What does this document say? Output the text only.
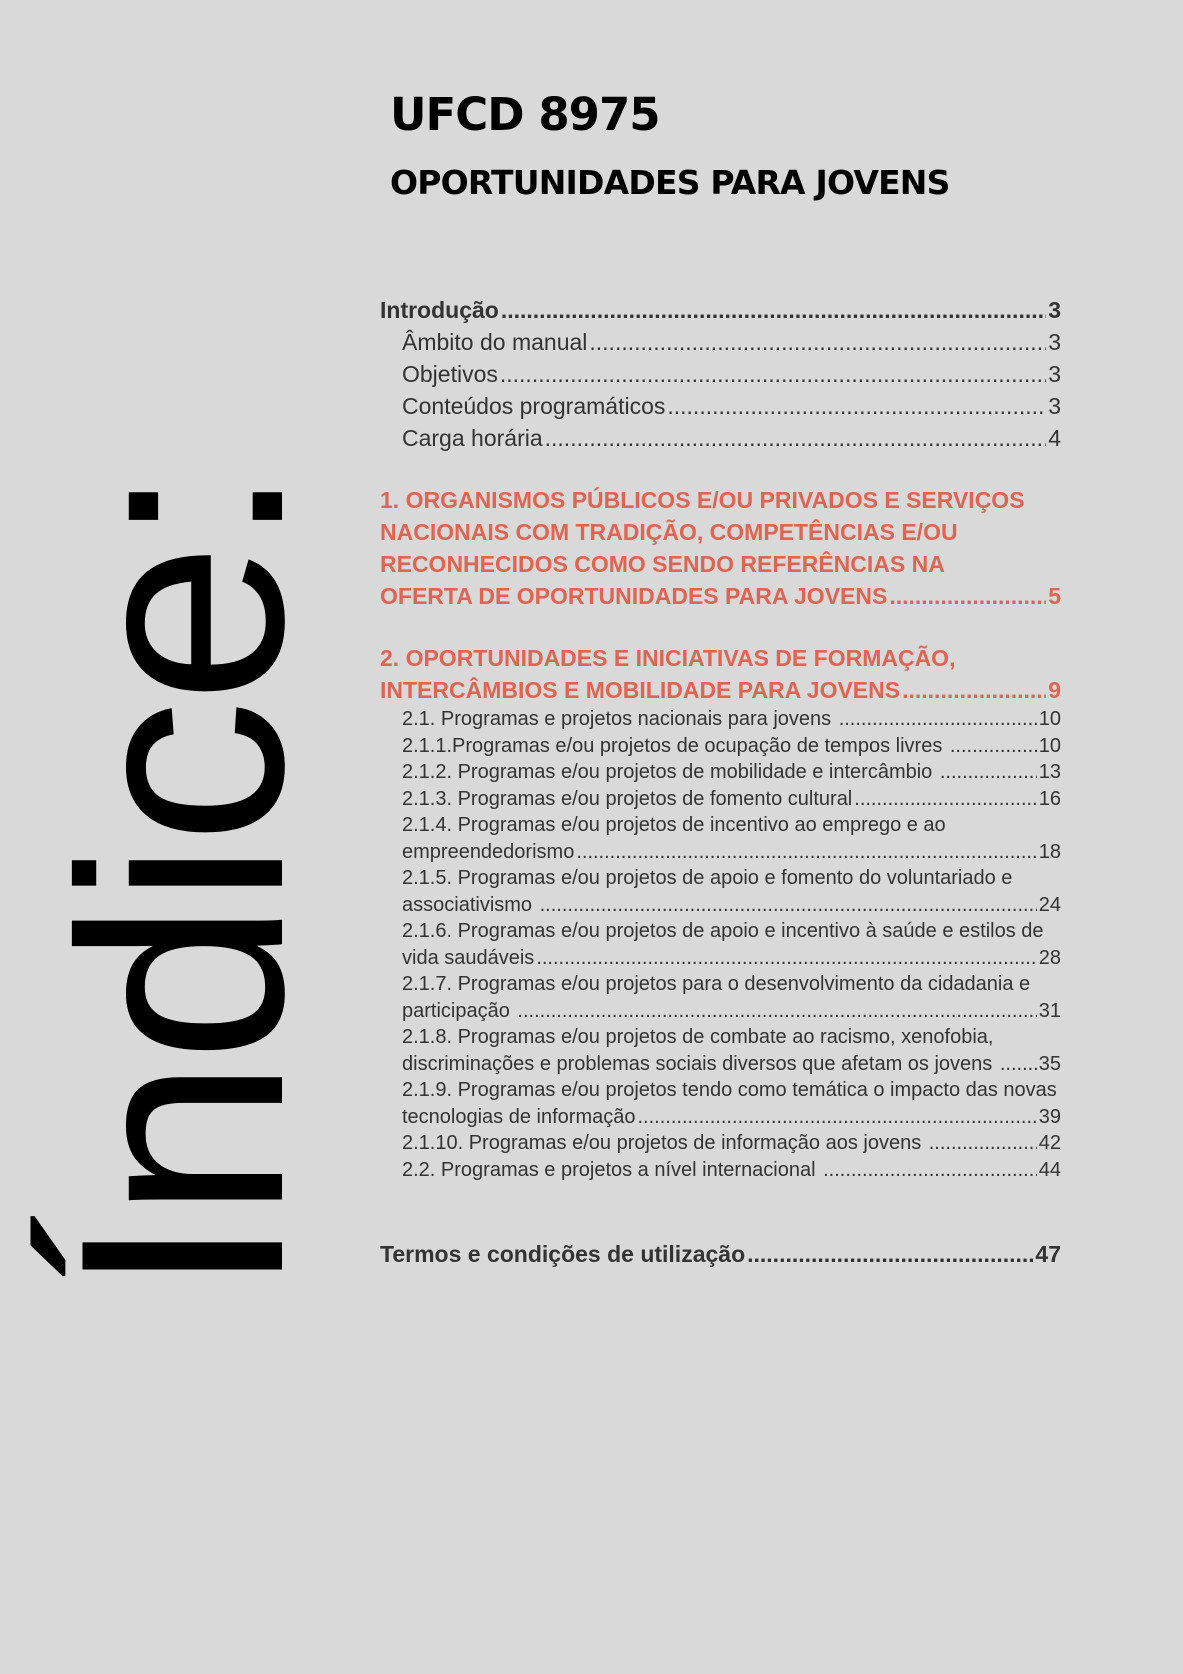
Índice:
UFCD 8975
OPORTUNIDADES PARA JOVENS
Introdução .....	3
Âmbito do manual .....	3
Objetivos .....	3
Conteúdos programáticos .....	3
Carga horária .....	4
1. ORGANISMOS PÚBLICOS E/OU PRIVADOS E SERVIÇOS
NACIONAIS COM TRADIÇÃO, COMPETÊNCIAS E/OU
RECONHECIDOS COMO SENDO REFERÊNCIAS NA
OFERTA DE OPORTUNIDADES PARA JOVENS .....	5
2. OPORTUNIDADES E INICIATIVAS DE FORMAÇÃO,
INTERCÂMBIOS E MOBILIDADE PARA JOVENS .....	9
2.1. Programas e projetos nacionais para jovens .....	10
2.1.1.Programas e/ou projetos de ocupação de tempos livres .....	10
2.1.2. Programas e/ou projetos de mobilidade e intercâmbio .....	13
2.1.3. Programas e/ou projetos de fomento cultural .....	16
2.1.4. Programas e/ou projetos de incentivo ao emprego e ao
empreendedorismo .....	18
2.1.5. Programas e/ou projetos de apoio e fomento do voluntariado e
associativismo .....	24
2.1.6. Programas e/ou projetos de apoio e incentivo à saúde e estilos de
vida saudáveis .....	28
2.1.7. Programas e/ou projetos para o desenvolvimento da cidadania e
participação .....	31
2.1.8. Programas e/ou projetos de combate ao racismo, xenofobia,
discriminações e problemas sociais diversos que afetam os jovens ..... 35
2.1.9. Programas e/ou projetos tendo como temática o impacto das novas
tecnologias de informação .....	39
2.1.10. Programas e/ou projetos de informação aos jovens .....	42
2.2. Programas e projetos a nível internacional .....	44
Termos e condições de utilização .....	47
